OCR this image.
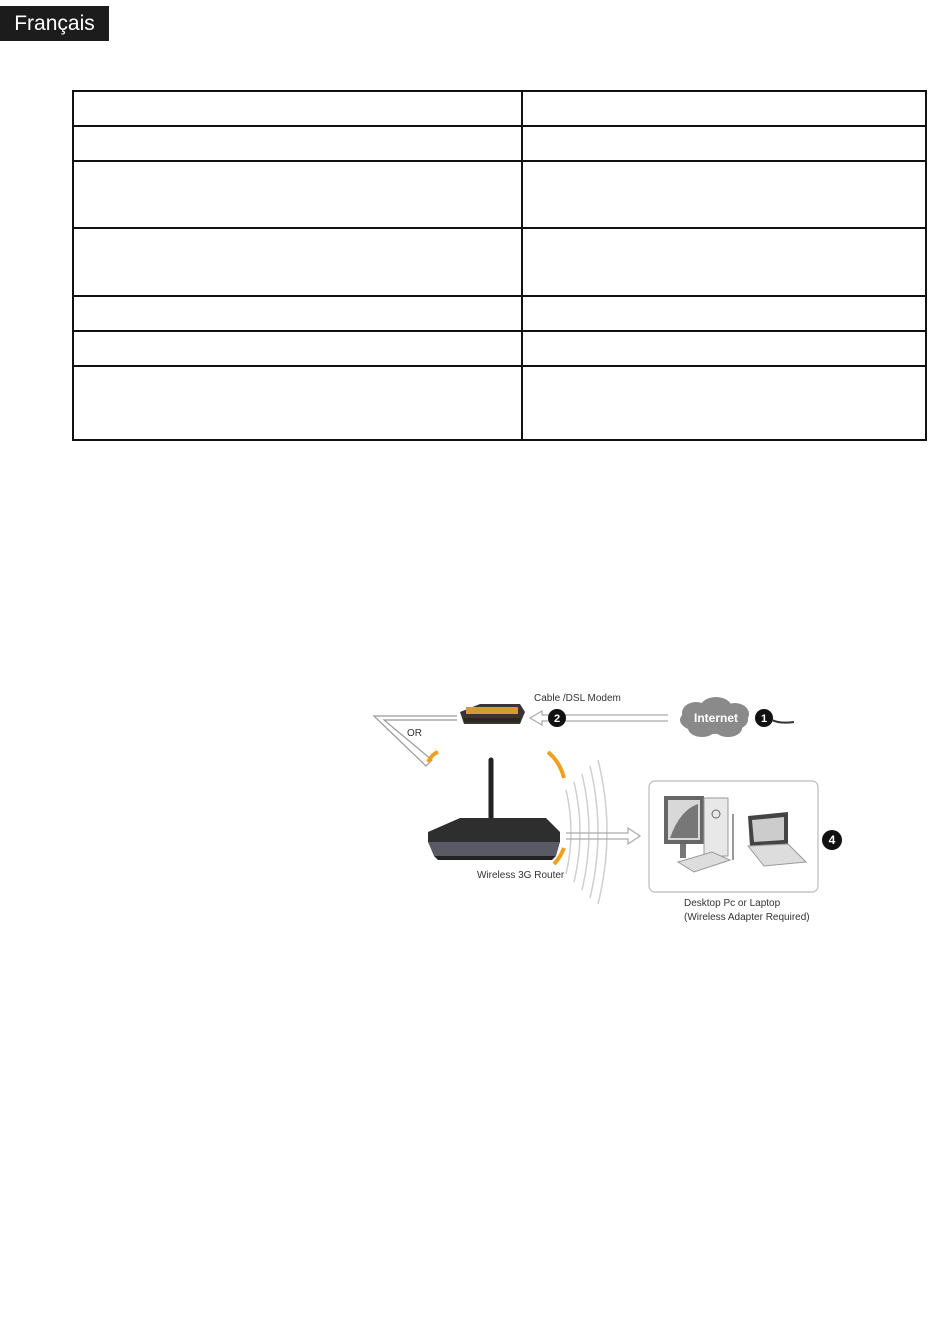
Français

Cable /DSL Modem
OR
2	Internet 1
Wireless 3G Router
4
Desktop Pc or Laptop
(Wireless Adapter Required)
